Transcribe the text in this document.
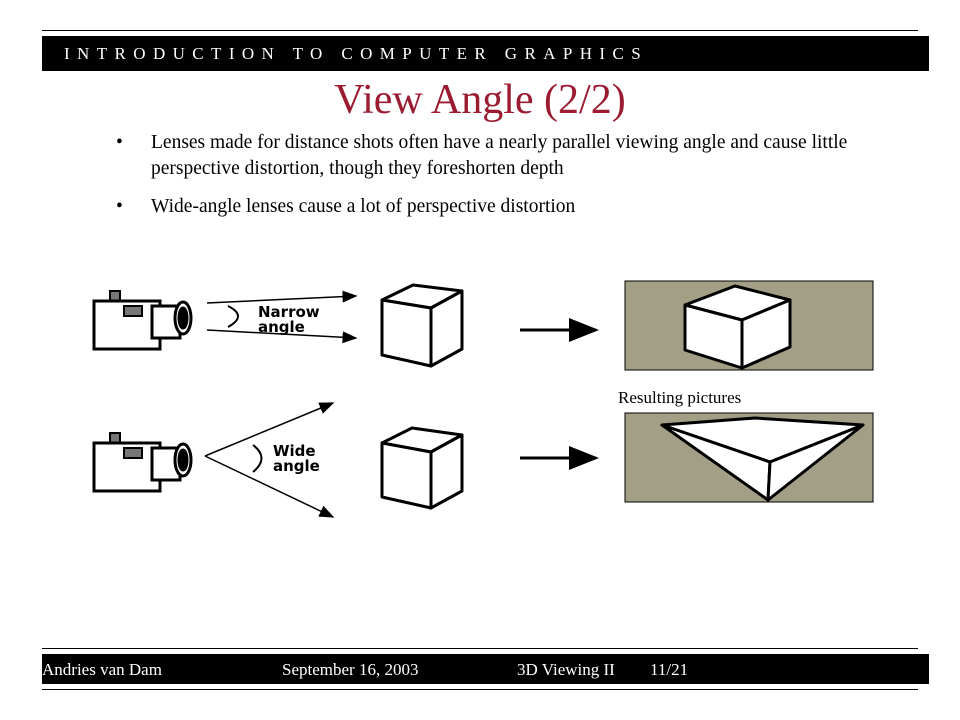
INTRODUCTION TO COMPUTER GRAPHICS
View Angle (2/2)
• Lenses made for distance shots often have a nearly parallel viewing angle and cause little perspective distortion, though they foreshorten depth
• Wide-angle lenses cause a lot of perspective distortion
Narrow
angle
Resulting pictures
Wide
angle
Andries van Dam	September 16, 2003	3D Viewing II 11/21
